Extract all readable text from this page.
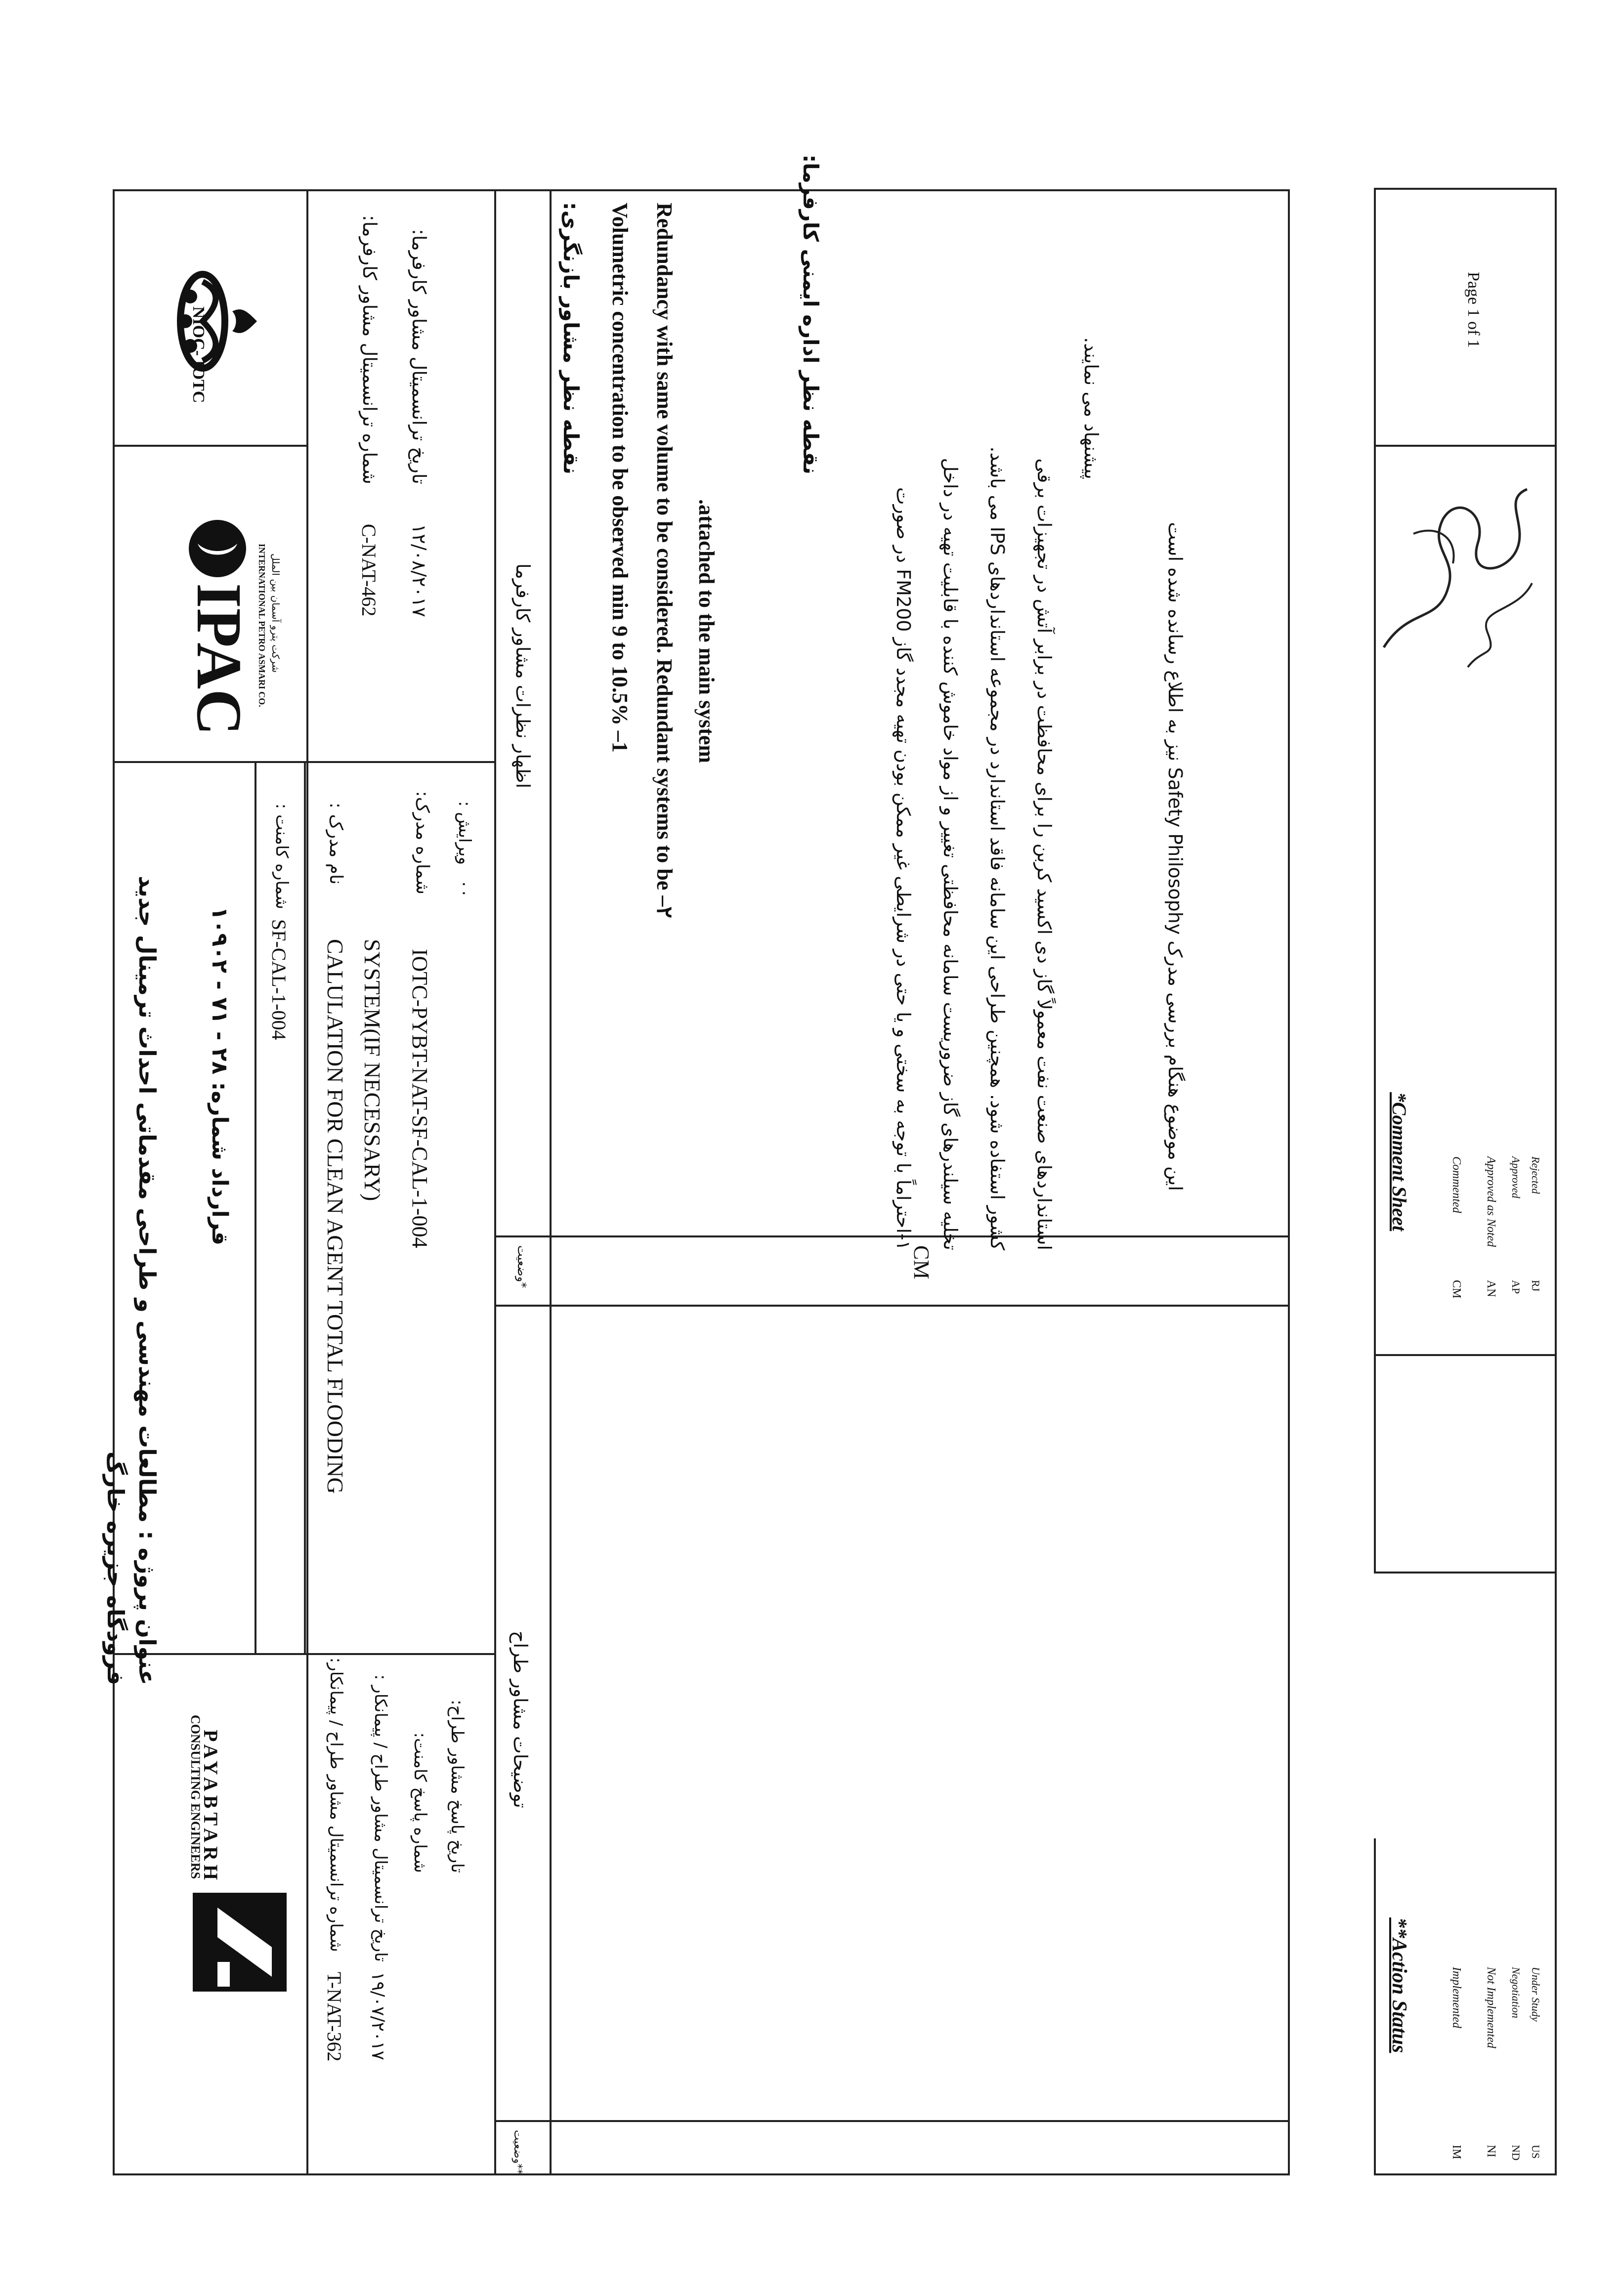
NIOC- IOTC
IPAC شرکت پترو آسمان بین الملل
INTERNATIONAL PETRO ASMARI CO.
عنوان پروژه : مطالعات مهندسی و طراحی مقدماتی احداث ترمینال جدید فرودگاه جزیره خارگ
قرارداد شماره: ۲۸ - ۷۱ - ۱۰۹۰۲
PAYABTARH
CONSULTING ENGINEERS
شماره ترانسمیتال مشاور کارفرما:
C-NAT-462
تاریخ ترانسمیتال مشاور کارفرما:
۱۲/۰۸/۲۰۱۷
شماره کامنت :
SF-CAL-1-004
نام مدرک :
CALULATION FOR CLEAN AGENT TOTAL FLOODING SYSTEM(IF NECESSARY)
شماره مدرک:
IOTC-PYBT-NAT-SF-CAL-1-004
ویرایش :
۰۰
شماره ترانسمیتال مشاور طراح / پیمانکار: تاریخ ترانسمیتال مشاور طراح / پیمانکار : شماره پاسخ کامنت: تاریخ پاسخ مشاور طراح:
T-NAT-362 ۱۹/۰۷/۲۰۱۷
وضعیت**
توضیحات مشاور طراح
وضعیت*
اظهار نظرات مشاور کارفرما
نقطه نظر مشاور بازنگری: Volumetric concentration to be observed min 9 to 10.5% –1 Redundancy with same volume to be considered. Redundant systems to be –۲ .attached to the main system
نقطه نظر اداره ایمنی کارفرما:
۱-احتراماً با توجه به سختی و یا حتی در شرایطی غیر ممکن بودن تهیه مجدد گاز FM200 در صورت تخلیه سیلندرهای گاز ضروریست سامانه محافظتی تغییر و از مواد خاموش کننده با قابلیت تهیه در داخل کشور استفاده شود. همچنین طراحی این سامانه فاقد استاندارد در مجموعه استانداردهای IPS می باشد. استانداردهای صنعت نفت معمولاً گاز دی اکسید کربن را برای محافظت در برابر آتش در تجهیزات برقی
پیشنهاد می نمایند.
این موضوع هنگام بررسی مدرک Safety Philosophy نیز به اطلاع رسانده شده است
CM
**Action Status
IM
Implemented
NI
Not Implemented
ND
Negotiation
US
Under Study
*Comment Sheet
CM
Commented
AN
Approved as Noted
AP
Approved
RJ
Rejected
Page 1 of 1
